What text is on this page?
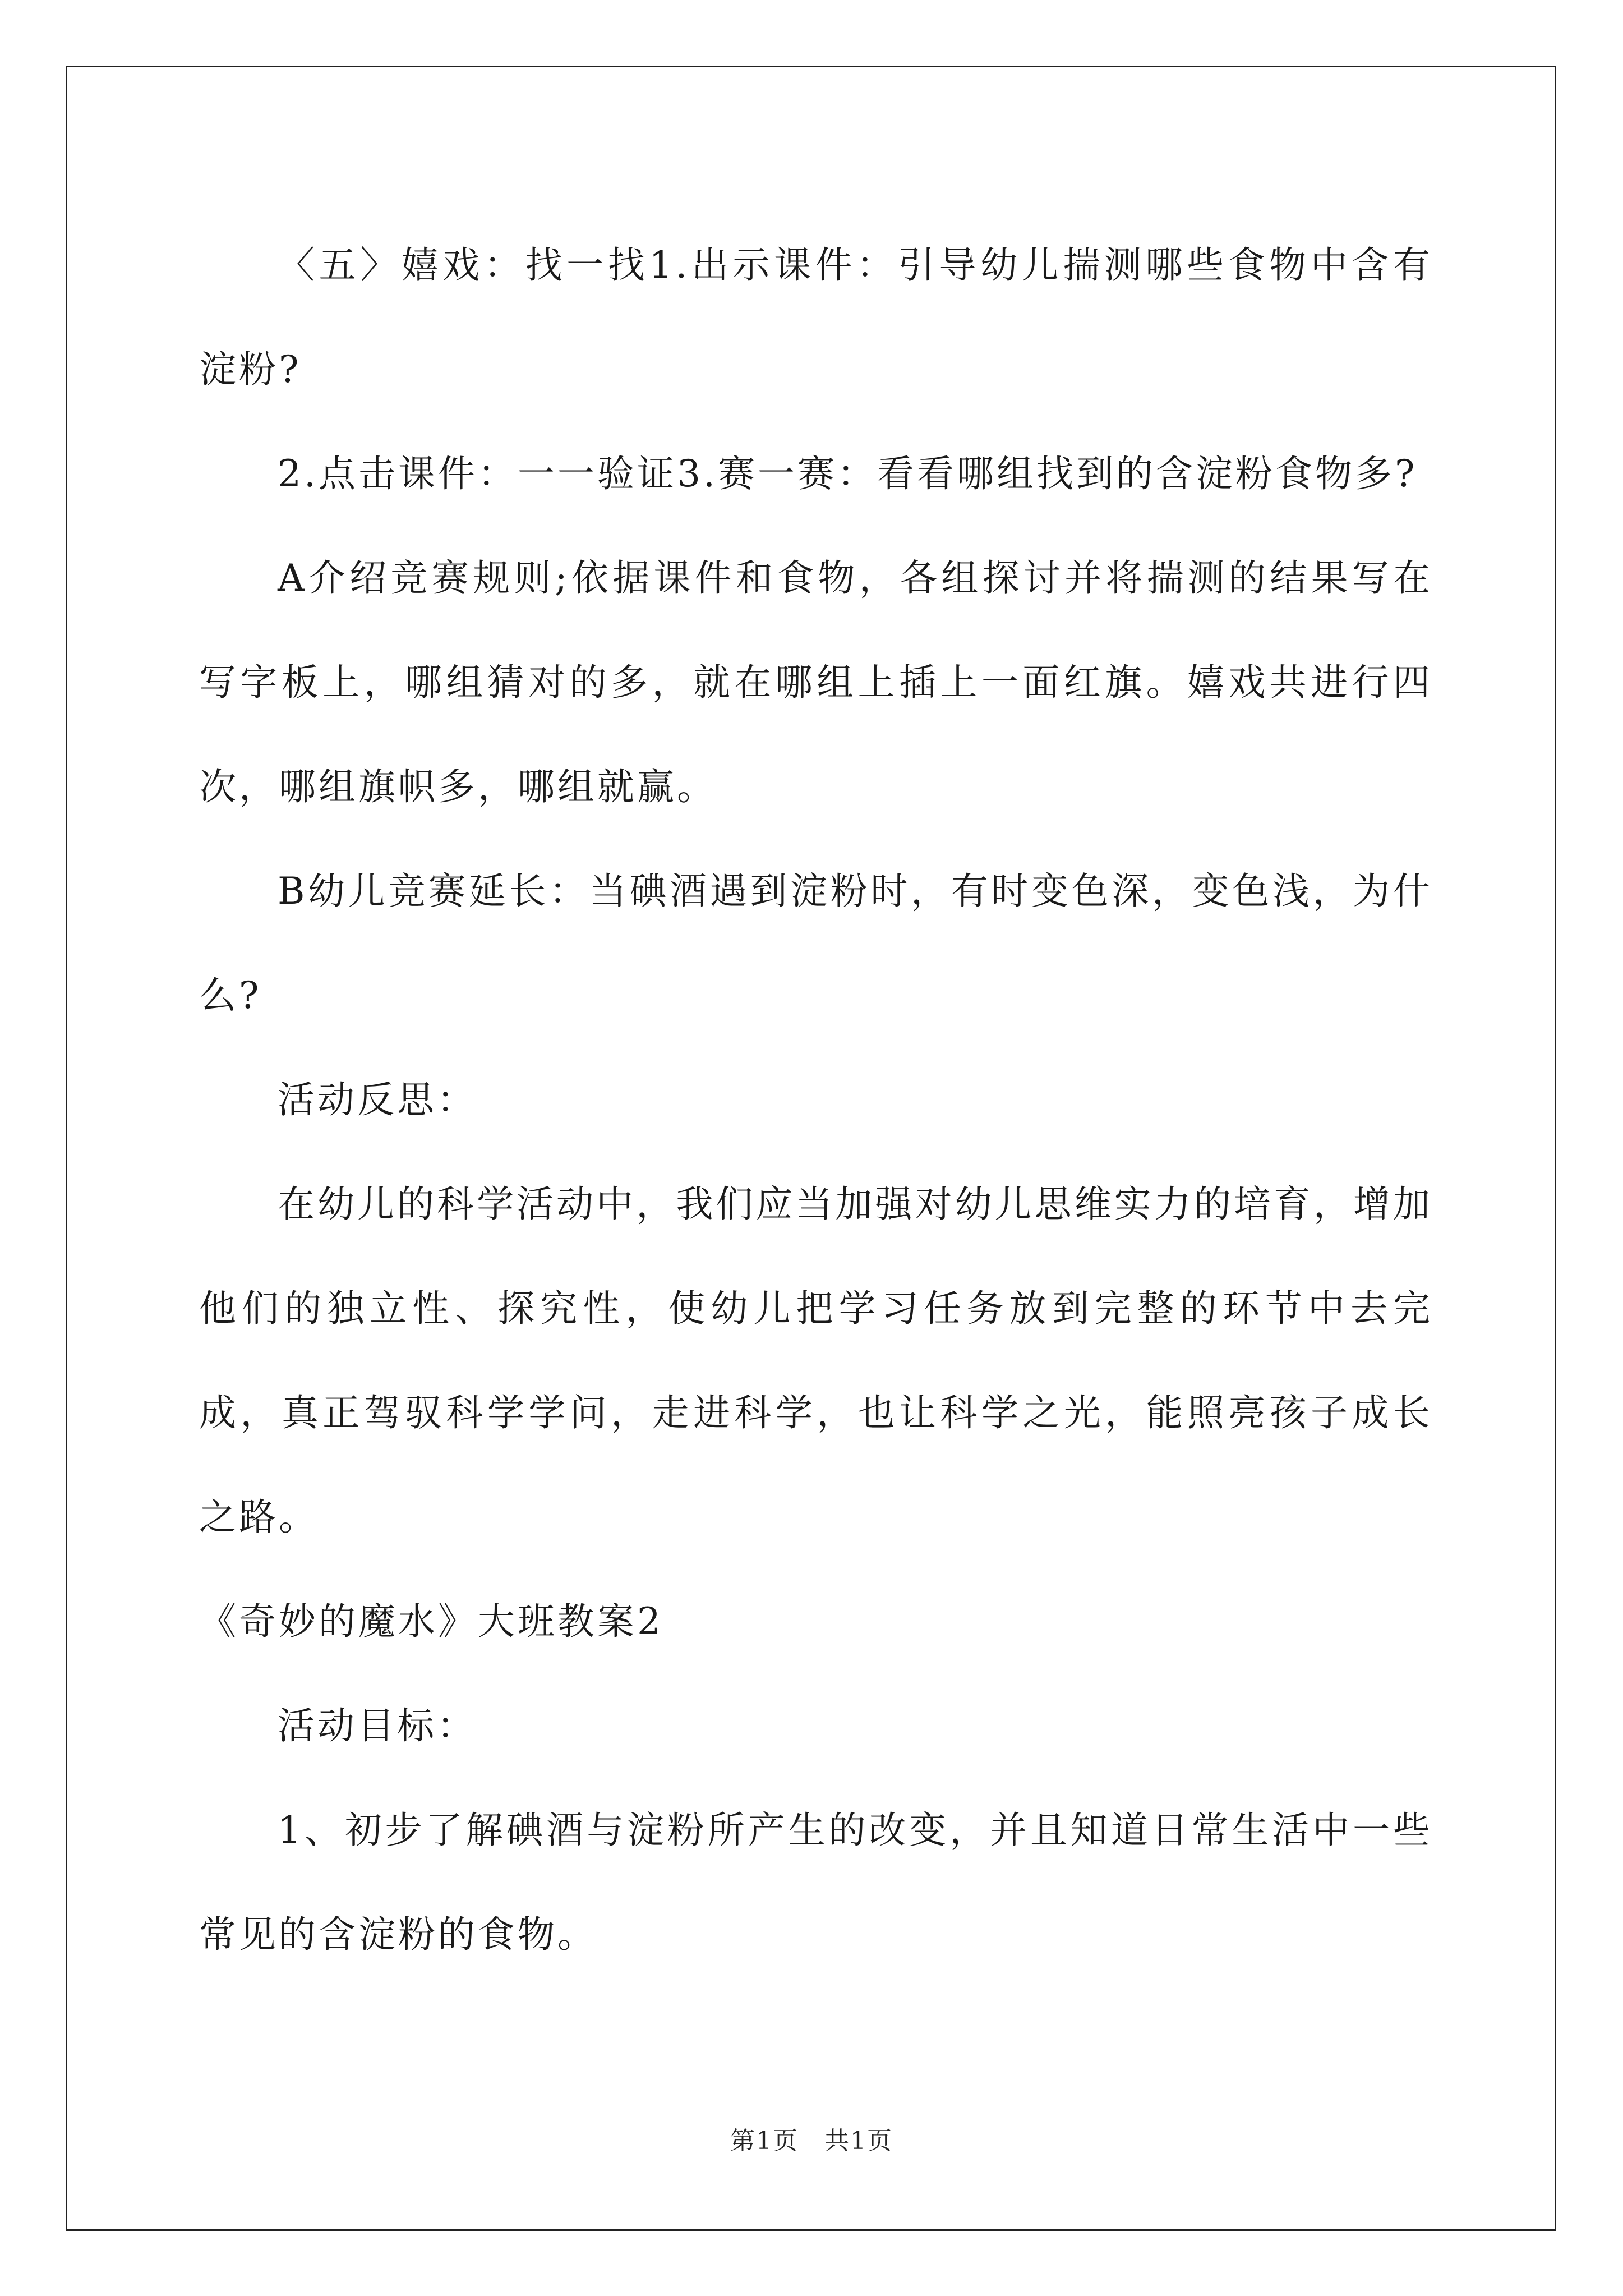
〈五〉嬉戏：找一找1.出示课件：引导幼儿揣测哪些食物中含有淀粉?

2.点击课件：一一验证3.赛一赛：看看哪组找到的含淀粉食物多?

A介绍竞赛规则;依据课件和食物，各组探讨并将揣测的结果写在写字板上，哪组猜对的多，就在哪组上插上一面红旗。嬉戏共进行四次，哪组旗帜多，哪组就赢。

B幼儿竞赛延长：当碘酒遇到淀粉时，有时变色深，变色浅，为什么?

活动反思：

在幼儿的科学活动中，我们应当加强对幼儿思维实力的培育，增加他们的独立性、探究性，使幼儿把学习任务放到完整的环节中去完成，真正驾驭科学学问，走进科学，也让科学之光，能照亮孩子成长之路。

《奇妙的魔水》大班教案2

活动目标：

1、初步了解碘酒与淀粉所产生的改变，并且知道日常生活中一些常见的含淀粉的食物。

第1页　共1页
